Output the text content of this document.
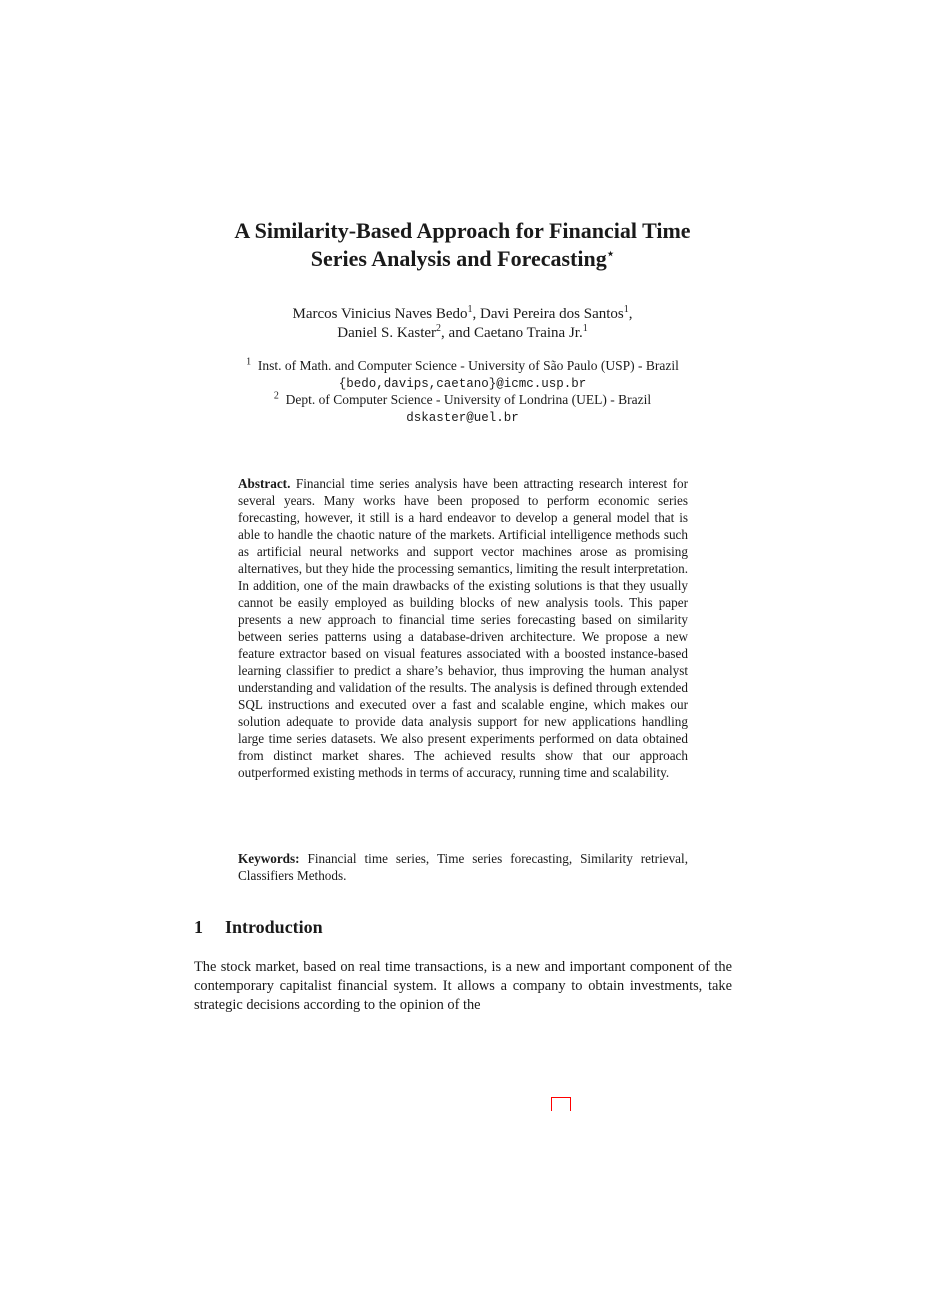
A Similarity-Based Approach for Financial Time
Series Analysis and Forecasting⋆
Marcos Vinicius Naves Bedo$^1$, Davi Pereira dos Santos$^1$,
Daniel S. Kaster$^2$, and Caetano Traina Jr.$^1$
$^1$ Inst. of Math. and Computer Science - University of São Paulo (USP) - Brazil
{bedo,davips,caetano}@icmc.usp.br
$^2$ Dept. of Computer Science - University of Londrina (UEL) - Brazil
dskaster@uel.br

Abstract. Financial time series analysis have been attracting research interest for several years. Many works have been proposed to perform economic series forecasting, however, it still is a hard endeavor to develop a general model that is able to handle the chaotic nature of the markets. Artificial intelligence methods such as artificial neural networks and support vector machines arose as promising alternatives, but they hide the processing semantics, limiting the result interpretation. In addition, one of the main drawbacks of the existing solutions is that they usually cannot be easily employed as building blocks of new analysis tools. This paper presents a new approach to financial time series forecasting based on similarity between series patterns using a database-driven architecture. We propose a new feature extractor based on visual features associated with a boosted instance-based learning classifier to predict a share’s behavior, thus improving the human analyst understanding and validation of the results. The analysis is defined through extended SQL instructions and executed over a fast and scalable engine, which makes our solution adequate to provide data analysis support for new applications handling large time series datasets. We also present experiments performed on data obtained from distinct market shares. The achieved results show that our approach outperformed existing methods in terms of accuracy, running time and scalability.

Keywords: Financial time series, Time series forecasting, Similarity retrieval, Classifiers Methods.

1 Introduction

The stock market, based on real time transactions, is a new and important component of the contemporary capitalist financial system. It allows a company to obtain investments, take strategic decisions according to the opinion of the
